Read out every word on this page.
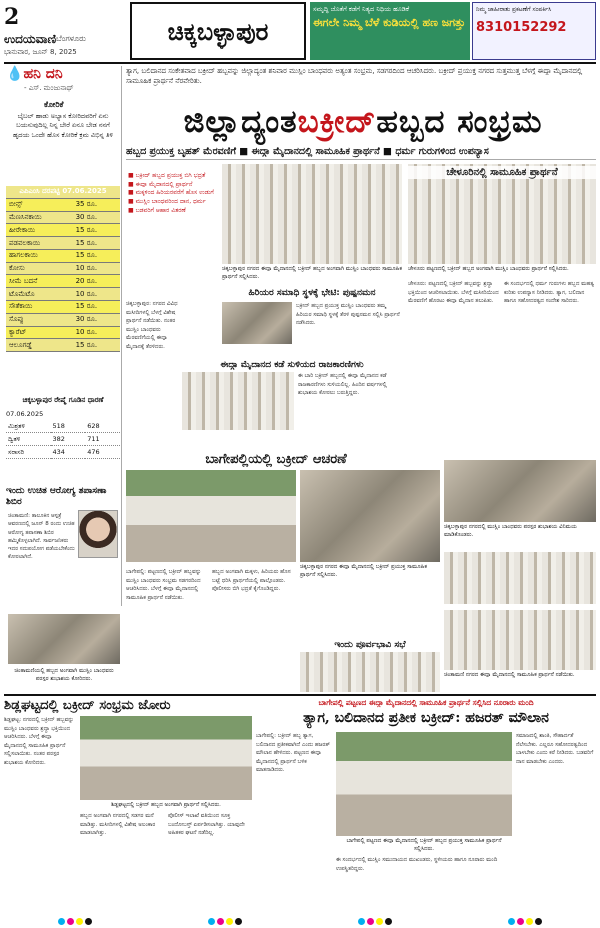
2
ಉದಯವಾಣಿ ಬೆಂಗಳೂರು
ಭಾನುವಾರ, ಜೂನ್ 8, 2025
ಚಿಕ್ಕಬಳ್ಳಾಪುರ
ಸಮೃದ್ಧಿ ಜೊತೆಗೆ ಕಡೆಗೆ ನಿತ್ಯದ ನಿಧಿಯ ಹೂಡಿಕೆ
ಈಗಲೇ ನಿಮ್ಮ ಬೆಳೆ ಕುಡಿಯಲ್ಲಿ ಹಣ ಜಗತ್ತು
ನಿಮ್ಮ ಜಾಹೀರಾತು ಪ್ರಕಟಣೆಗೆ ಸಂಪರ್ಕಿಸಿ
8310152292
💧ಹನಿ ದನಿ
- ಎಸ್. ಮಂಜುನಾಥ್
ಕೋರಿಕೆ
ಬೈಬಲ್ ಹಾಡು ಅಭ್ಯಾಸ ಕೋರಿದವರಿಗೆ ಏನು ಬಯಸುವುದಿಲ್ಲ ನಿನ್ನ ಬೇರೆ ಏನೂ ಬೇಡ ನನಗೆ ಹೃದಯ ಒಂದೇ ಹೊಸ ಕೋರಿಕೆ ಕ್ರಮ ವಿಭಿನ್ನ ತಿಳಿ
ಎಪಿಎಂಸಿ ದರಪಟ್ಟಿ 07.06.2025	
ಬೀನ್ಸ್	35 ರೂ.
ಮೆಣಸಿನಕಾಯಿ	30 ರೂ.
ಹೀರೇಕಾಯಿ	15 ರೂ.
ಪಡವಲಕಾಯಿ	15 ರೂ.
ಹಾಗಲಕಾಯಿ	15 ರೂ.
ಕೋಸು	10 ರೂ.
ಸೀಮೆ ಬದನೆ	20 ರೂ.
ಟೊಮೆಟೊ	10 ರೂ.
ಸೌತೆಕಾಯಿ	15 ರೂ.
ಸೊಪ್ಪು	30 ರೂ.
ಕ್ಯಾರೆಟ್	10 ರೂ.
ಆಲೂಗಡ್ಡೆ	15 ರೂ.
ಚಿಕ್ಕಬಳ್ಳಾಪುರ ರೇಷ್ಮೆ ಗೂಡಿನ ಧಾರಣೆ
07.06.2025
ಮಿಶ್ರತಳಿ	518	628
ದ್ವಿತಳಿ	382	711
ಸರಾಸರಿ	434	476
ಇಂದು ಉಚಿತ ಆರೋಗ್ಯ ತಪಾಸಣಾ ಶಿಬಿರ
ಚಿಂತಾಮಣಿ: ತಾಲೂಕಿನ ಆಸ್ಪತ್ರೆ ಆವರಣದಲ್ಲಿ ಜೂನ್ 8 ರಂದು ಉಚಿತ ಆರೋಗ್ಯ ತಪಾಸಣಾ ಶಿಬಿರ ಹಮ್ಮಿಕೊಳ್ಳಲಾಗಿದೆ. ಸಾರ್ವಜನಿಕರು ಇದರ ಸದುಪಯೋಗ ಪಡೆಯಬೇಕೆಂದು ಕೋರಲಾಗಿದೆ.
ಚಿಂತಾಮಣಿಯಲ್ಲಿ ಹಬ್ಬದ ಅಂಗವಾಗಿ ಮುಸ್ಲಿಂ ಬಾಂಧವರು ಪರಸ್ಪರ ಶುಭಾಶಯ ಕೋರಿದರು.
ತ್ಯಾಗ, ಬಲಿದಾನದ ಸಂಕೇತವಾದ ಬಕ್ರೀದ್ ಹಬ್ಬವನ್ನು ಜಿಲ್ಲಾದ್ಯಂತ ಶನಿವಾರ ಮುಸ್ಲಿಂ ಬಾಂಧವರು ಅತ್ಯಂತ ಸಂಭ್ರಮ, ಸಡಗರದಿಂದ ಆಚರಿಸಿದರು. ಬಕ್ರೀದ್ ಪ್ರಯುಕ್ತ ನಗರದ ಸುತ್ತಮುತ್ತ ಬೆಳಗ್ಗೆ ಈದ್ಗಾ ಮೈದಾನದಲ್ಲಿ ಸಾಮೂಹಿಕ ಪ್ರಾರ್ಥನೆ ನೆರವೇರಿತು.
ಜಿಲ್ಲಾದ್ಯಂತ ಬಕ್ರೀದ್ ಹಬ್ಬದ ಸಂಭ್ರಮ
ಹಬ್ಬದ ಪ್ರಯುಕ್ತ ಬೃಹತ್ ಮೆರವಣಿಗೆ ■ ಈದ್ಗಾ ಮೈದಾನದಲ್ಲಿ ಸಾಮೂಹಿಕ ಪ್ರಾರ್ಥನೆ ■ ಧರ್ಮ ಗುರುಗಳಿಂದ ಉಪನ್ಯಾಸ
■ ಬಕ್ರೀದ್ ಹಬ್ಬದ ಪ್ರಯುಕ್ತ ಬಿಗಿ ಭದ್ರತೆ
■ ಈದ್ಗಾ ಮೈದಾನದಲ್ಲಿ ಪ್ರಾರ್ಥನೆ
■ ಮಕ್ಕಳಿಂದ ಹಿರಿಯರವರೆಗೆ ಹೊಸ ಉಡುಗೆ
■ ಮುಸ್ಲಿಂ ಬಾಂಧವರಿಂದ ದಾನ, ಧರ್ಮ
■ ಬಡವರಿಗೆ ಆಹಾರ ವಿತರಣೆ
ಚಿಕ್ಕಬಳ್ಳಾಪುರ ನಗರದ ಈದ್ಗಾ ಮೈದಾನದಲ್ಲಿ ಬಕ್ರೀದ್ ಹಬ್ಬದ ಅಂಗವಾಗಿ ಮುಸ್ಲಿಂ ಬಾಂಧವರು ಸಾಮೂಹಿಕ ಪ್ರಾರ್ಥನೆ ಸಲ್ಲಿಸಿದರು.
ಚೇಳೂರಿನಲ್ಲಿ ಸಾಮೂಹಿಕ ಪ್ರಾರ್ಥನೆ
ಚೇಳೂರು ಪಟ್ಟಣದಲ್ಲಿ ಬಕ್ರೀದ್ ಹಬ್ಬದ ಅಂಗವಾಗಿ ಮುಸ್ಲಿಂ ಬಾಂಧವರು ಪ್ರಾರ್ಥನೆ ಸಲ್ಲಿಸಿದರು.
ಹಿರಿಯರ ಸಮಾಧಿ ಸ್ಥಳಕ್ಕೆ ಭೇಟಿ: ಪುಷ್ಪನಮನ
ಬಕ್ರೀದ್ ಹಬ್ಬದ ಪ್ರಯುಕ್ತ ಮುಸ್ಲಿಂ ಬಾಂಧವರು ತಮ್ಮ ಹಿರಿಯರ ಸಮಾಧಿ ಸ್ಥಳಕ್ಕೆ ತೆರಳಿ ಪುಷ್ಪನಮನ ಸಲ್ಲಿಸಿ ಪ್ರಾರ್ಥನೆ ನಡೆಸಿದರು.
ಚಿಕ್ಕಬಳ್ಳಾಪುರ: ನಗರದ ವಿವಿಧ ಮಸೀದಿಗಳಲ್ಲಿ ಬೆಳಗ್ಗೆ ವಿಶೇಷ ಪ್ರಾರ್ಥನೆ ನಡೆಯಿತು. ನಂತರ ಮುಸ್ಲಿಂ ಬಾಂಧವರು ಮೆರವಣಿಗೆಯಲ್ಲಿ ಈದ್ಗಾ ಮೈದಾನಕ್ಕೆ ತೆರಳಿದರು.
ಈದ್ಗಾ ಮೈದಾನದ ಕಡೆ ಸುಳಿಯದ ರಾಜಕಾರಣಿಗಳು
ಈ ಬಾರಿ ಬಕ್ರೀದ್ ಹಬ್ಬದಲ್ಲಿ ಈದ್ಗಾ ಮೈದಾನದ ಕಡೆ ರಾಜಕಾರಣಿಗಳು ಸುಳಿಯಲಿಲ್ಲ. ಹಿಂದಿನ ವರ್ಷಗಳಲ್ಲಿ ಶುಭಾಶಯ ಕೋರಲು ಬರುತ್ತಿದ್ದರು.
ಚೇಳೂರು: ಪಟ್ಟಣದಲ್ಲಿ ಬಕ್ರೀದ್ ಹಬ್ಬವನ್ನು ಶ್ರದ್ಧಾ ಭಕ್ತಿಯಿಂದ ಆಚರಿಸಲಾಯಿತು. ಬೆಳಗ್ಗೆ ಮಸೀದಿಯಿಂದ ಮೆರವಣಿಗೆ ಹೊರಟು ಈದ್ಗಾ ಮೈದಾನ ತಲುಪಿತು.
ಈ ಸಂದರ್ಭದಲ್ಲಿ ಧರ್ಮ ಗುರುಗಳು ಹಬ್ಬದ ಮಹತ್ವ ಕುರಿತು ಉಪನ್ಯಾಸ ನೀಡಿದರು. ತ್ಯಾಗ, ಬಲಿದಾನ ಹಾಗೂ ಸಹೋದರತ್ವದ ಸಂದೇಶ ಸಾರಿದರು.
ಬಾಗೇಪಲ್ಲಿಯಲ್ಲಿ ಬಕ್ರೀದ್ ಆಚರಣೆ
ಚಿಕ್ಕಬಳ್ಳಾಪುರ ನಗರದ ಈದ್ಗಾ ಮೈದಾನದಲ್ಲಿ ಬಕ್ರೀದ್ ಪ್ರಯುಕ್ತ ಸಾಮೂಹಿಕ ಪ್ರಾರ್ಥನೆ ಸಲ್ಲಿಸಿದರು.
ಚಿಕ್ಕಬಳ್ಳಾಪುರ ನಗರದಲ್ಲಿ ಮುಸ್ಲಿಂ ಬಾಂಧವರು ಪರಸ್ಪರ ಶುಭಾಶಯ ವಿನಿಮಯ ಮಾಡಿಕೊಂಡರು.
ಬಾಗೇಪಲ್ಲಿ: ಪಟ್ಟಣದಲ್ಲಿ ಬಕ್ರೀದ್ ಹಬ್ಬವನ್ನು ಮುಸ್ಲಿಂ ಬಾಂಧವರು ಸಂಭ್ರಮ ಸಡಗರದಿಂದ ಆಚರಿಸಿದರು. ಬೆಳಗ್ಗೆ ಈದ್ಗಾ ಮೈದಾನದಲ್ಲಿ ಸಾಮೂಹಿಕ ಪ್ರಾರ್ಥನೆ ನಡೆಯಿತು.
ಹಬ್ಬದ ಅಂಗವಾಗಿ ಮಕ್ಕಳು, ಹಿರಿಯರು ಹೊಸ ಬಟ್ಟೆ ಧರಿಸಿ ಪ್ರಾರ್ಥನೆಯಲ್ಲಿ ಪಾಲ್ಗೊಂಡರು. ಪೊಲೀಸರು ಬಿಗಿ ಭದ್ರತೆ ಕೈಗೊಂಡಿದ್ದರು.
ಇಂದು ಪೂರ್ವಭಾವಿ ಸಭೆ
ಚಿಂತಾಮಣಿ ನಗರದ ಈದ್ಗಾ ಮೈದಾನದಲ್ಲಿ ಸಾಮೂಹಿಕ ಪ್ರಾರ್ಥನೆ ನಡೆಯಿತು.
ಶಿಡ್ಲಘಟ್ಟದಲ್ಲಿ ಬಕ್ರೀದ್ ಸಂಭ್ರಮ ಜೋರು
ಶಿಡ್ಲಘಟ್ಟದಲ್ಲಿ ಬಕ್ರೀದ್ ಹಬ್ಬದ ಅಂಗವಾಗಿ ಪ್ರಾರ್ಥನೆ ಸಲ್ಲಿಸಿದರು.
ಶಿಡ್ಲಘಟ್ಟ: ನಗರದಲ್ಲಿ ಬಕ್ರೀದ್ ಹಬ್ಬವನ್ನು ಮುಸ್ಲಿಂ ಬಾಂಧವರು ಶ್ರದ್ಧಾ ಭಕ್ತಿಯಿಂದ ಆಚರಿಸಿದರು. ಬೆಳಗ್ಗೆ ಈದ್ಗಾ ಮೈದಾನದಲ್ಲಿ ಸಾಮೂಹಿಕ ಪ್ರಾರ್ಥನೆ ಸಲ್ಲಿಸಲಾಯಿತು. ನಂತರ ಪರಸ್ಪರ ಶುಭಾಶಯ ಕೋರಿದರು.
ಹಬ್ಬದ ಅಂಗವಾಗಿ ನಗರದಲ್ಲಿ ಸಡಗರ ಮನೆ ಮಾಡಿತ್ತು. ಮಸೀದಿಗಳಲ್ಲಿ ವಿಶೇಷ ಅಲಂಕಾರ ಮಾಡಲಾಗಿತ್ತು.
ಪೊಲೀಸ್ ಇಲಾಖೆ ವತಿಯಿಂದ ಸೂಕ್ತ ಬಂದೋಬಸ್ತ್ ಏರ್ಪಡಿಸಲಾಗಿತ್ತು. ಯಾವುದೇ ಅಹಿತಕರ ಘಟನೆ ನಡೆದಿಲ್ಲ.
ಬಾಗೇಪಲ್ಲಿ ಪಟ್ಟಣದ ಈದ್ಗಾ ಮೈದಾನದಲ್ಲಿ ಸಾಮೂಹಿಕ ಪ್ರಾರ್ಥನೆ ಸಲ್ಲಿಸಿದ ನೂರಾರು ಮಂದಿ
ತ್ಯಾಗ, ಬಲಿದಾನದ ಪ್ರತೀಕ ಬಕ್ರೀದ್: ಹಜರತ್ ಮೌಲಾನ
ಬಾಗೇಪಲ್ಲಿ ಪಟ್ಟಣದ ಈದ್ಗಾ ಮೈದಾನದಲ್ಲಿ ಬಕ್ರೀದ್ ಹಬ್ಬದ ಪ್ರಯುಕ್ತ ಸಾಮೂಹಿಕ ಪ್ರಾರ್ಥನೆ ಸಲ್ಲಿಸಿದರು.
ಬಾಗೇಪಲ್ಲಿ: ಬಕ್ರೀದ್ ಹಬ್ಬ ತ್ಯಾಗ, ಬಲಿದಾನದ ಪ್ರತೀಕವಾಗಿದೆ ಎಂದು ಹಜರತ್ ಮೌಲಾನ ಹೇಳಿದರು. ಪಟ್ಟಣದ ಈದ್ಗಾ ಮೈದಾನದಲ್ಲಿ ಪ್ರಾರ್ಥನೆ ಬಳಿಕ ಮಾತನಾಡಿದರು.
ಸಮಾಜದಲ್ಲಿ ಶಾಂತಿ, ಸೌಹಾರ್ದತೆ ನೆಲೆಸಬೇಕು. ಎಲ್ಲರೂ ಸಹೋದರತ್ವದಿಂದ ಬಾಳಬೇಕು ಎಂದು ಕರೆ ನೀಡಿದರು. ಬಡವರಿಗೆ ದಾನ ಮಾಡಬೇಕು ಎಂದರು.
ಈ ಸಂದರ್ಭದಲ್ಲಿ ಮುಸ್ಲಿಂ ಸಮುದಾಯದ ಮುಖಂಡರು, ಸ್ಥಳೀಯರು ಹಾಗೂ ನೂರಾರು ಮಂದಿ ಉಪಸ್ಥಿತರಿದ್ದರು.
